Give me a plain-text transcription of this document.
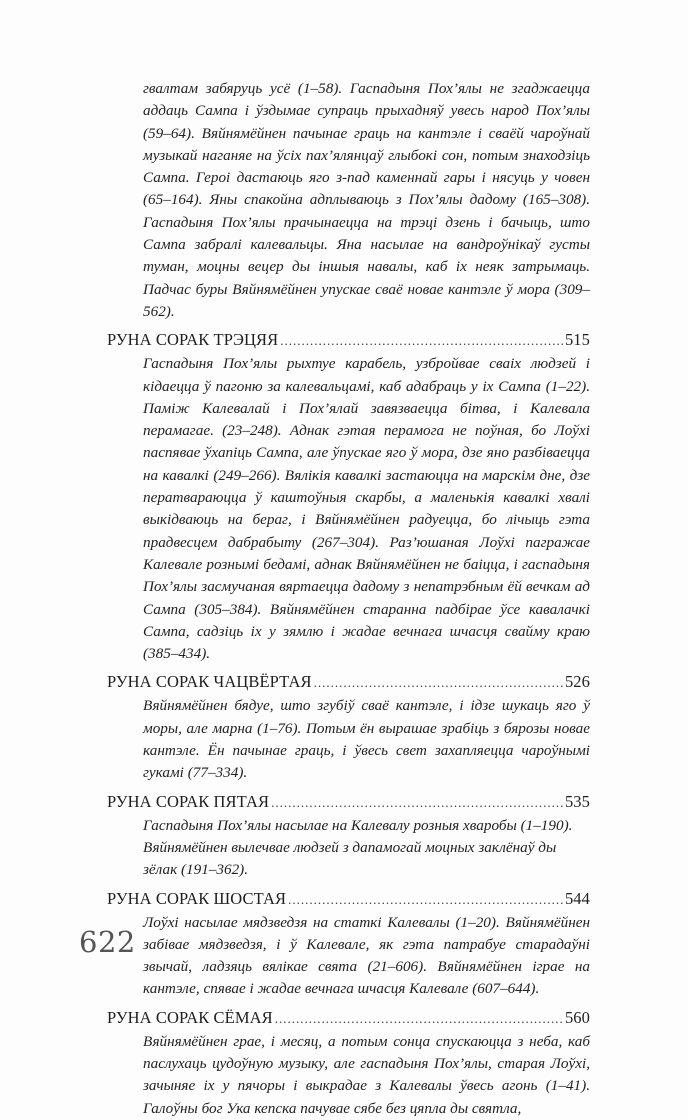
гвалтам забяруць усё (1–58). Гаспадыня Пох’ялы не згаджаецца аддаць Сампа і ўздымае супраць прыхадняў увесь народ Пох’ялы (59–64). Вяйнямёйнен пачынае граць на кантэле і сваёй чароўнай музыкай наганяе на ўсіх пах’ялянцаў глыбокі сон, потым знаходзіць Сампа. Героі дастаюць яго з-пад каменнай гары і нясуць у човен (65–164). Яны спакойна адплываюць з Пох’ялы дадому (165–308). Гаспадыня Пох’ялы прачынаецца на трэці дзень і бачыць, што Сампа забралі калевальцы. Яна насылае на вандроўнікаў густы туман, моцны вецер ды іншыя навалы, каб іх неяк затрымаць. Падчас буры Вяйнямёйнен упускае сваё новае кантэле ў мора (309–562).
РУНА СОРАК ТРЭЦЯЯ .....	515
Гаспадыня Пох’ялы рыхтуе карабель, узбройвае сваіх людзей і кідаецца ў пагоню за калевальцамі, каб адабраць у іх Сампа (1–22). Паміж Калевалай і Пох’ялай завязваецца бітва, і Калевала перамагае. (23–248). Аднак гэтая перамога не поўная, бо Лоўхі паспявае ўхапіць Сампа, але ўпускае яго ў мора, дзе яно разбіваецца на кавалкі (249–266). Вялікія кавалкі застаюцца на марскім дне, дзе ператвараюцца ў каштоўныя скарбы, а маленькія кавалкі хвалі выкідваюць на бераг, і Вяйнямёйнен радуецца, бо лічыць гэта прадвесцем дабрабыту (267–304). Раз’юшаная Лоўхі пагражае Калевале рознымі бедамі, аднак Вяйнямёйнен не баіцца, і гаспадыня Пох’ялы засмучаная вяртаецца дадому з непатрэбным ёй вечкам ад Сампа (305–384). Вяйнямёйнен старанна падбірае ўсе кавалачкі Сампа, садзіць іх у зямлю і жадае вечнага шчасця свайму краю (385–434).
РУНА СОРАК ЧАЦВЁРТАЯ .....	526
Вяйнямёйнен бядуе, што згубіў сваё кантэле, і ідзе шукаць яго ў моры, але марна (1–76). Потым ён вырашае зрабіць з бярозы новае кантэле. Ён пачынае граць, і ўвесь свет захапляецца чароўнымі гукамі (77–334).
РУНА СОРАК ПЯТАЯ .....	535
Гаспадыня Пох’ялы насылае на Калевалу розныя хваробы (1–190). Вяйнямёйнен вылечвае людзей з дапамогай моцных заклёнаў ды зёлак (191–362).
РУНА СОРАК ШОСТАЯ .....	544
Лоўхі насылае мядзведзя на статкі Калевалы (1–20). Вяйнямёйнен забівае мядзведзя, і ў Калевале, як гэта патрабуе старадаўні звычай, ладзяць вялікае свята (21–606). Вяйнямёйнен іграе на кантэле, спявае і жадае вечнага шчасця Калевале (607–644).
РУНА СОРАК СЁМАЯ .....	560
Вяйнямёйнен грае, і месяц, а потым сонца спускаюцца з неба, каб паслухаць цудоўную музыку, але гаспадыня Пох’ялы, старая Лоўхі, зачыняе іх у пячоры і выкрадае з Калевалы ўвесь агонь (1–41). Галоўны бог Ука кепска пачувае сябе без цяпла ды святла,
622
